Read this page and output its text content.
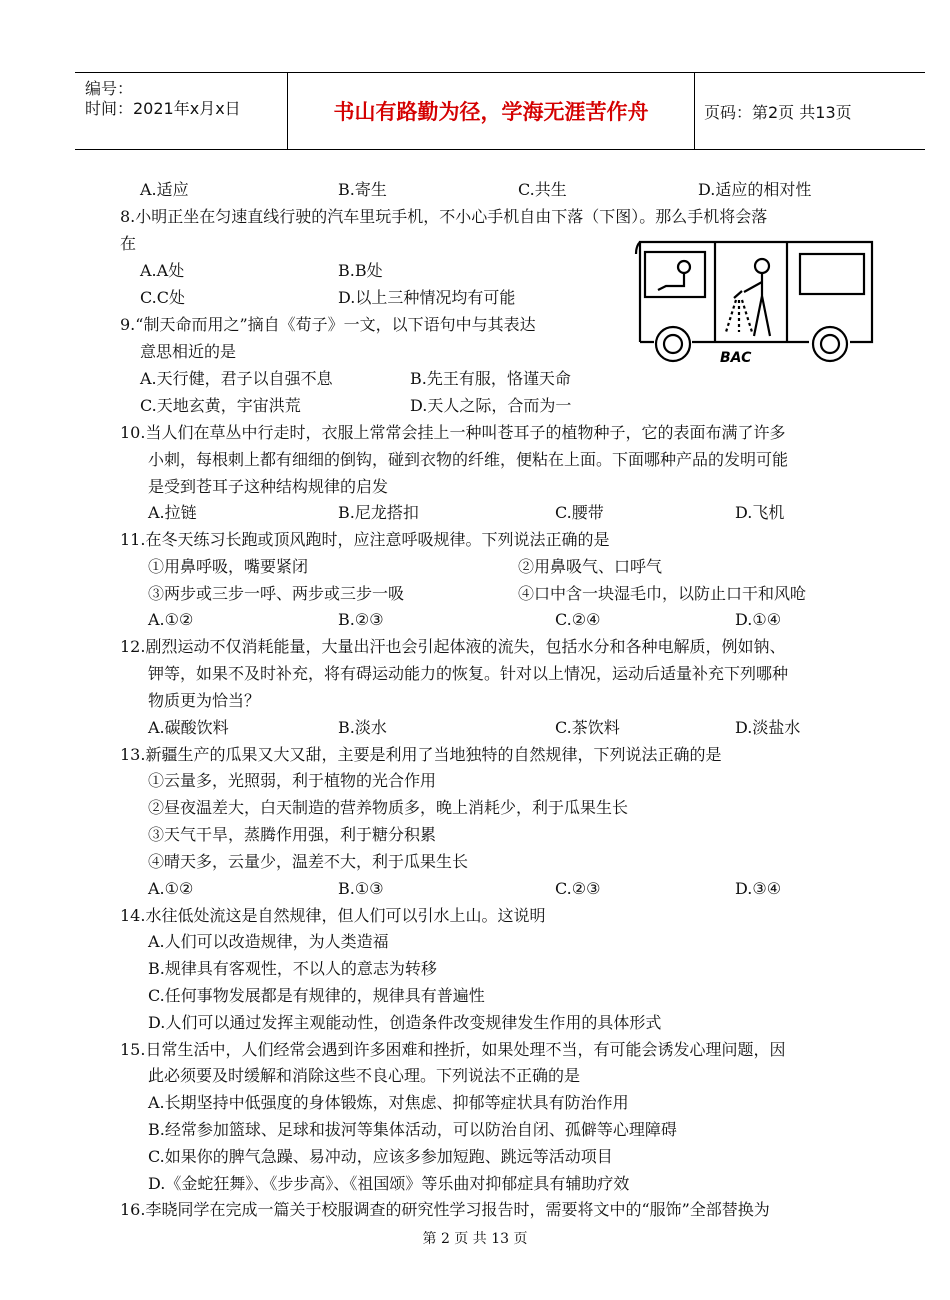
编号：
时间：2021年x月x日	书山有路勤为径，学海无涯苦作舟	页码：第2页 共13页
A.适应	B.寄生	C.共生	D.适应的相对性
8.小明正坐在匀速直线行驶的汽车里玩手机，不小心手机自由下落（下图）。那么手机将会落
在
A.A处	B.B处
C.C处	D.以上三种情况均有可能
BAC
9.“制天命而用之”摘自《荀子》一文，以下语句中与其表达
意思相近的是
A.天行健，君子以自强不息	B.先王有服，恪谨天命
C.天地玄黄，宇宙洪荒	D.天人之际，合而为一
10.当人们在草丛中行走时，衣服上常常会挂上一种叫苍耳子的植物种子，它的表面布满了许多
小刺，每根刺上都有细细的倒钩，碰到衣物的纤维，便粘在上面。下面哪种产品的发明可能
是受到苍耳子这种结构规律的启发
A.拉链	B.尼龙搭扣	C.腰带	D.飞机
11.在冬天练习长跑或顶风跑时，应注意呼吸规律。下列说法正确的是
①用鼻呼吸，嘴要紧闭	②用鼻吸气、口呼气
③两步或三步一呼、两步或三步一吸	④口中含一块湿毛巾，以防止口干和风呛
A.①②	B.②③	C.②④	D.①④
12.剧烈运动不仅消耗能量，大量出汗也会引起体液的流失，包括水分和各种电解质，例如钠、
钾等，如果不及时补充，将有碍运动能力的恢复。针对以上情况，运动后适量补充下列哪种
物质更为恰当？
A.碳酸饮料	B.淡水	C.茶饮料	D.淡盐水
13.新疆生产的瓜果又大又甜，主要是利用了当地独特的自然规律，下列说法正确的是
①云量多，光照弱，利于植物的光合作用
②昼夜温差大，白天制造的营养物质多，晚上消耗少，利于瓜果生长
③天气干旱，蒸腾作用强，利于糖分积累
④晴天多，云量少，温差不大，利于瓜果生长
A.①②	B.①③	C.②③	D.③④
14.水往低处流这是自然规律，但人们可以引水上山。这说明
A.人们可以改造规律，为人类造福
B.规律具有客观性，不以人的意志为转移
C.任何事物发展都是有规律的，规律具有普遍性
D.人们可以通过发挥主观能动性，创造条件改变规律发生作用的具体形式
15.日常生活中，人们经常会遇到许多困难和挫折，如果处理不当，有可能会诱发心理问题，因
此必须要及时缓解和消除这些不良心理。下列说法不正确的是
A.长期坚持中低强度的身体锻炼，对焦虑、抑郁等症状具有防治作用
B.经常参加篮球、足球和拔河等集体活动，可以防治自闭、孤僻等心理障碍
C.如果你的脾气急躁、易冲动，应该多参加短跑、跳远等活动项目
D.《金蛇狂舞》、《步步高》、《祖国颂》等乐曲对抑郁症具有辅助疗效
16.李晓同学在完成一篇关于校服调查的研究性学习报告时，需要将文中的“服饰”全部替换为
第 2 页 共 13 页
